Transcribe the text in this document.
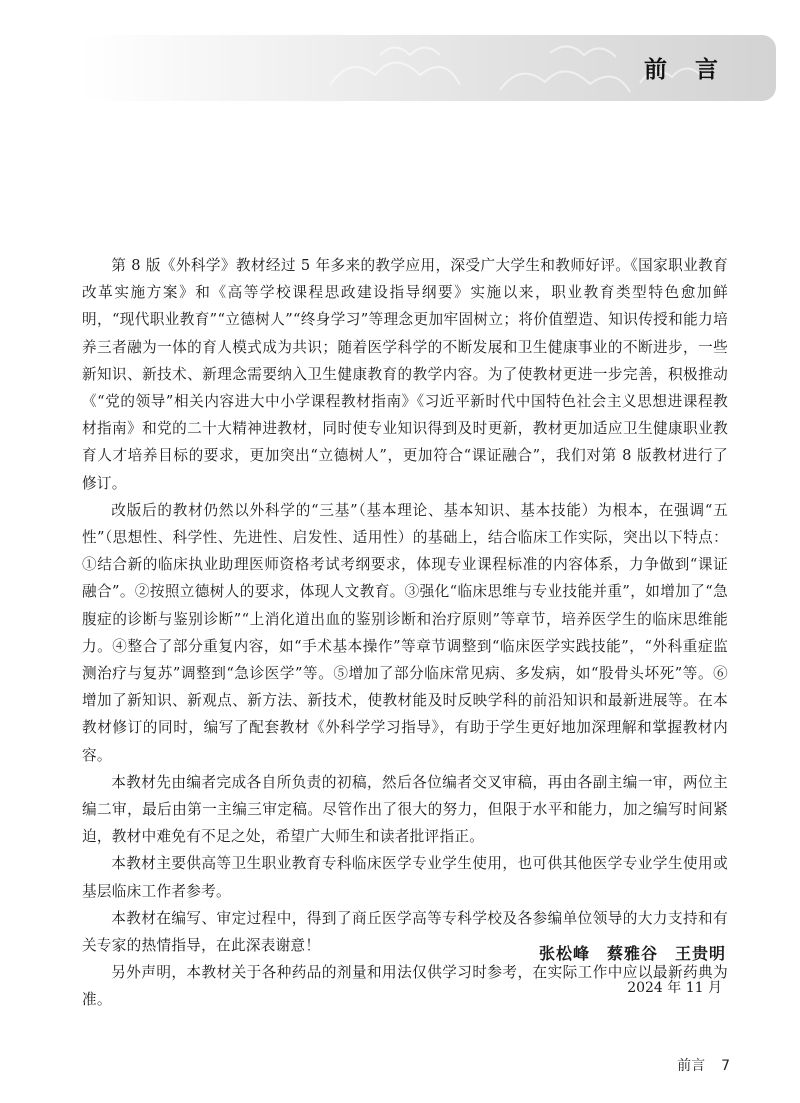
前 言

第 8 版《外科学》教材经过 5 年多来的教学应用，深受广大学生和教师好评。《国家职业教育改革实施方案》和《高等学校课程思政建设指导纲要》实施以来，职业教育类型特色愈加鲜明，“现代职业教育”“立德树人”“终身学习”等理念更加牢固树立；将价值塑造、知识传授和能力培养三者融为一体的育人模式成为共识；随着医学科学的不断发展和卫生健康事业的不断进步，一些新知识、新技术、新理念需要纳入卫生健康教育的教学内容。为了使教材更进一步完善，积极推动《“党的领导”相关内容进大中小学课程教材指南》《习近平新时代中国特色社会主义思想进课程教材指南》和党的二十大精神进教材，同时使专业知识得到及时更新，教材更加适应卫生健康职业教育人才培养目标的要求，更加突出“立德树人”，更加符合“课证融合”，我们对第 8 版教材进行了修订。

改版后的教材仍然以外科学的“三基”（基本理论、基本知识、基本技能）为根本，在强调“五性”（思想性、科学性、先进性、启发性、适用性）的基础上，结合临床工作实际，突出以下特点：①结合新的临床执业助理医师资格考试考纲要求，体现专业课程标准的内容体系，力争做到“课证融合”。②按照立德树人的要求，体现人文教育。③强化“临床思维与专业技能并重”，如增加了“急腹症的诊断与鉴别诊断”“上消化道出血的鉴别诊断和治疗原则”等章节，培养医学生的临床思维能力。④整合了部分重复内容，如“手术基本操作”等章节调整到“临床医学实践技能”，“外科重症监测治疗与复苏”调整到“急诊医学”等。⑤增加了部分临床常见病、多发病，如“股骨头坏死”等。⑥增加了新知识、新观点、新方法、新技术，使教材能及时反映学科的前沿知识和最新进展等。在本教材修订的同时，编写了配套教材《外科学学习指导》，有助于学生更好地加深理解和掌握教材内容。

本教材先由编者完成各自所负责的初稿，然后各位编者交叉审稿，再由各副主编一审，两位主编二审，最后由第一主编三审定稿。尽管作出了很大的努力，但限于水平和能力，加之编写时间紧迫，教材中难免有不足之处，希望广大师生和读者批评指正。

本教材主要供高等卫生职业教育专科临床医学专业学生使用，也可供其他医学专业学生使用或基层临床工作者参考。

本教材在编写、审定过程中，得到了商丘医学高等专科学校及各参编单位领导的大力支持和有关专家的热情指导，在此深表谢意！

另外声明，本教材关于各种药品的剂量和用法仅供学习时参考，在实际工作中应以最新药典为准。

张松峰　蔡雅谷　王贵明
2024 年 11 月
前言 7
